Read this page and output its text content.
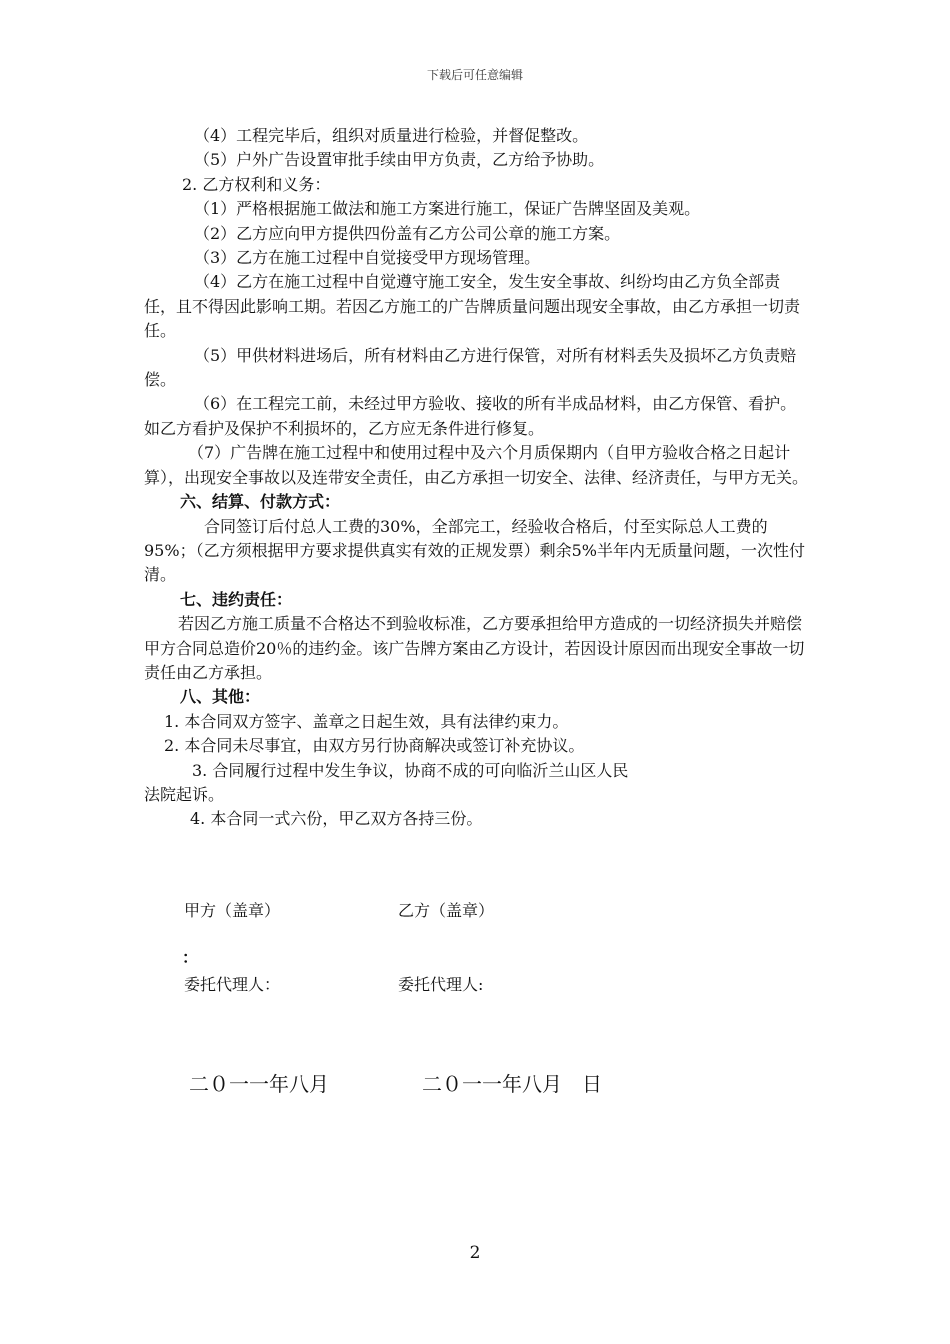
下载后可任意编辑

（4）工程完毕后，组织对质量进行检验，并督促整改。

（5）户外广告设置审批手续由甲方负责，乙方给予协助。

2. 乙方权利和义务：

（1）严格根据施工做法和施工方案进行施工，保证广告牌坚固及美观。

（2）乙方应向甲方提供四份盖有乙方公司公章的施工方案。

（3）乙方在施工过程中自觉接受甲方现场管理。

（4）乙方在施工过程中自觉遵守施工安全，发生安全事故、纠纷均由乙方负全部责任，且不得因此影响工期。若因乙方施工的广告牌质量问题出现安全事故，由乙方承担一切责任。

（5）甲供材料进场后，所有材料由乙方进行保管，对所有材料丢失及损坏乙方负责赔偿。

（6）在工程完工前，未经过甲方验收、接收的所有半成品材料，由乙方保管、看护。如乙方看护及保护不利损坏的，乙方应无条件进行修复。

（7）广告牌在施工过程中和使用过程中及六个月质保期内（自甲方验收合格之日起计算），出现安全事故以及连带安全责任，由乙方承担一切安全、法律、经济责任，与甲方无关。

六、结算、付款方式：

合同签订后付总人工费的30%，全部完工，经验收合格后，付至实际总人工费的95%；（乙方须根据甲方要求提供真实有效的正规发票）剩余5%半年内无质量问题，一次性付清。

七、违约责任：

若因乙方施工质量不合格达不到验收标准，乙方要承担给甲方造成的一切经济损失并赔偿甲方合同总造价20％的违约金。该广告牌方案由乙方设计，若因设计原因而出现安全事故一切责任由乙方承担。

八、其他：

1. 本合同双方签字、盖章之日起生效，具有法律约束力。

2. 本合同未尽事宜，由双方另行协商解决或签订补充协议。

3. 合同履行过程中发生争议，协商不成的可向临沂兰山区人民

法院起诉。

4. 本合同一式六份，甲乙双方各持三份。

甲方（盖章）	乙方（盖章）
：
委托代理人：	委托代理人:
二０一一年八月	二０一一年八月　日
2
